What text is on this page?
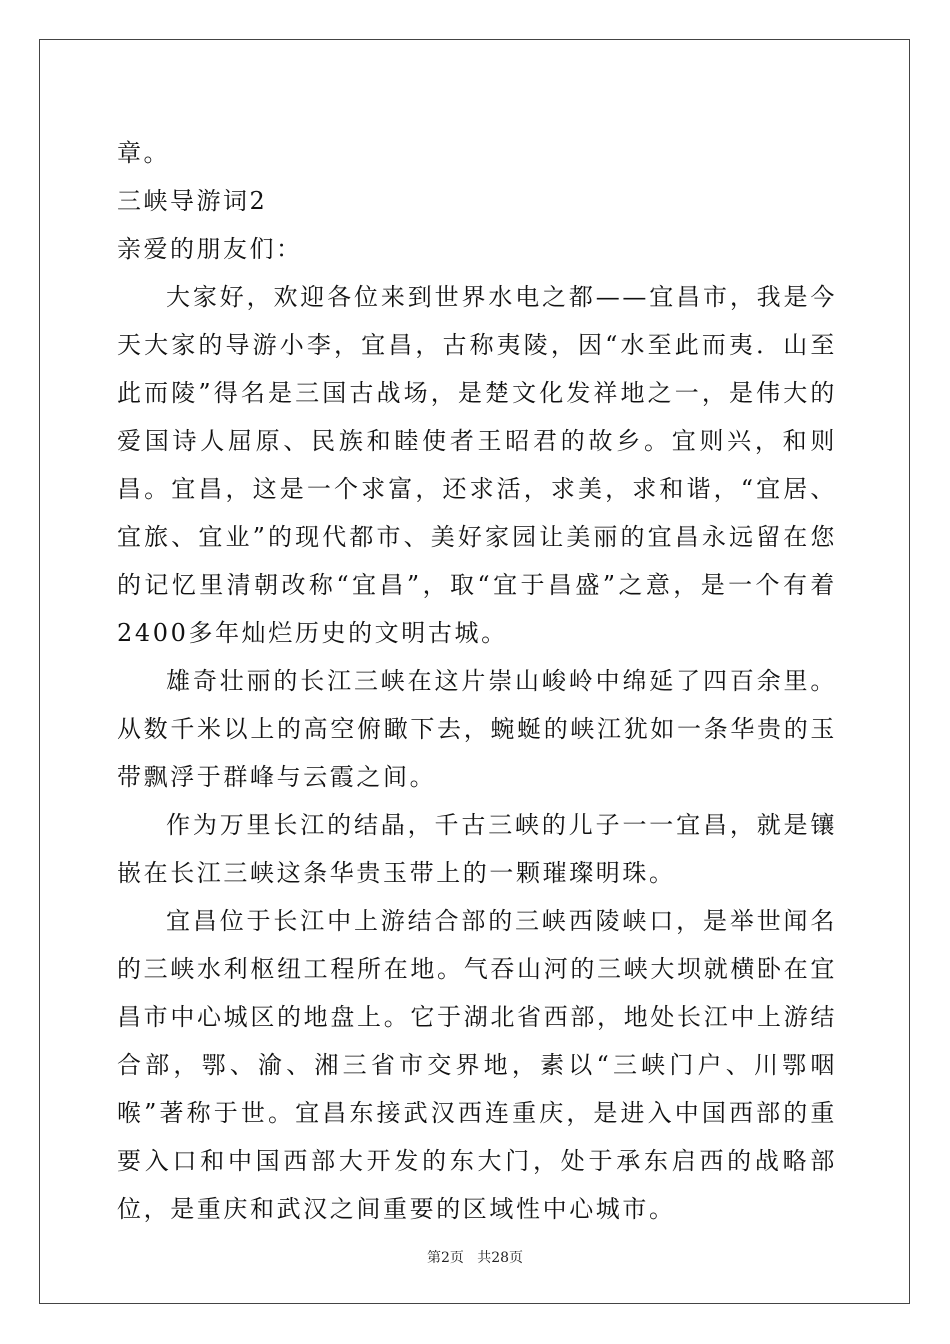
章。
三峡导游词2
亲爱的朋友们：

大家好，欢迎各位来到世界水电之都——宜昌市，我是今天大家的导游小李，宜昌，古称夷陵，因“水至此而夷．山至此而陵”得名是三国古战场，是楚文化发祥地之一，是伟大的爱国诗人屈原、民族和睦使者王昭君的故乡。宜则兴，和则昌。宜昌，这是一个求富，还求活，求美，求和谐，“宜居、宜旅、宜业”的现代都市、美好家园让美丽的宜昌永远留在您的记忆里清朝改称“宜昌”，取“宜于昌盛”之意，是一个有着2400多年灿烂历史的文明古城。

雄奇壮丽的长江三峡在这片崇山峻岭中绵延了四百余里。从数千米以上的高空俯瞰下去，蜿蜒的峡江犹如一条华贵的玉带飘浮于群峰与云霞之间。

作为万里长江的结晶，千古三峡的儿子一一宜昌，就是镶嵌在长江三峡这条华贵玉带上的一颗璀璨明珠。

宜昌位于长江中上游结合部的三峡西陵峡口，是举世闻名的三峡水利枢纽工程所在地。气吞山河的三峡大坝就横卧在宜昌市中心城区的地盘上。它于湖北省西部，地处长江中上游结合部，鄂、渝、湘三省市交界地，素以“三峡门户、川鄂咽喉”著称于世。宜昌东接武汉西连重庆，是进入中国西部的重要入口和中国西部大开发的东大门，处于承东启西的战略部位，是重庆和武汉之间重要的区域性中心城市。

第2页   共28页
